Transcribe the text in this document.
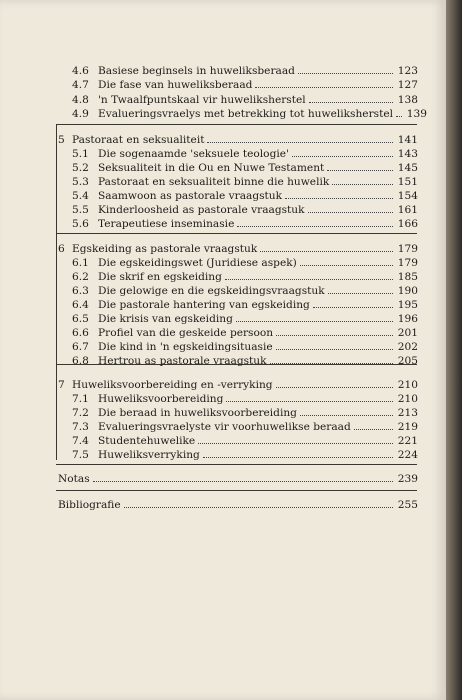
4.6 Basiese beginsels in huweliksberaad	123
4.7 Die fase van huweliksberaad	127
4.8 'n Twaalfpuntskaal vir huweliksherstel	138
4.9 Evalueringsvraelys met betrekking tot huweliksherstel 139
5 Pastoraat en seksualiteit	141
5.1 Die sogenaamde 'seksuele teologie'	143
5.2 Seksualiteit in die Ou en Nuwe Testament	145
5.3 Pastoraat en seksualiteit binne die huwelik	151
5.4 Saamwoon as pastorale vraagstuk	154
5.5 Kinderloosheid as pastorale vraagstuk	161
5.6 Terapeutiese inseminasie	166
6 Egskeiding as pastorale vraagstuk	179
6.1 Die egskeidingswet (Juridiese aspek)	179
6.2 Die skrif en egskeiding	185
6.3 Die gelowige en die egskeidingsvraagstuk	190
6.4 Die pastorale hantering van egskeiding	195
6.5 Die krisis van egskeiding	196
6.6 Profiel van die geskeide persoon	201
6.7 Die kind in 'n egskeidingsituasie	202
6.8 Hertrou as pastorale vraagstuk	205
7 Huweliksvoorbereiding en -verryking	210
7.1 Huweliksvoorbereiding	210
7.2 Die beraad in huweliksvoorbereiding	213
7.3 Evalueringsvraelyste vir voorhuwelikse beraad	219
7.4 Studentehuwelike	221
7.5 Huweliksverryking	224
Notas	239
Bibliografie	255
